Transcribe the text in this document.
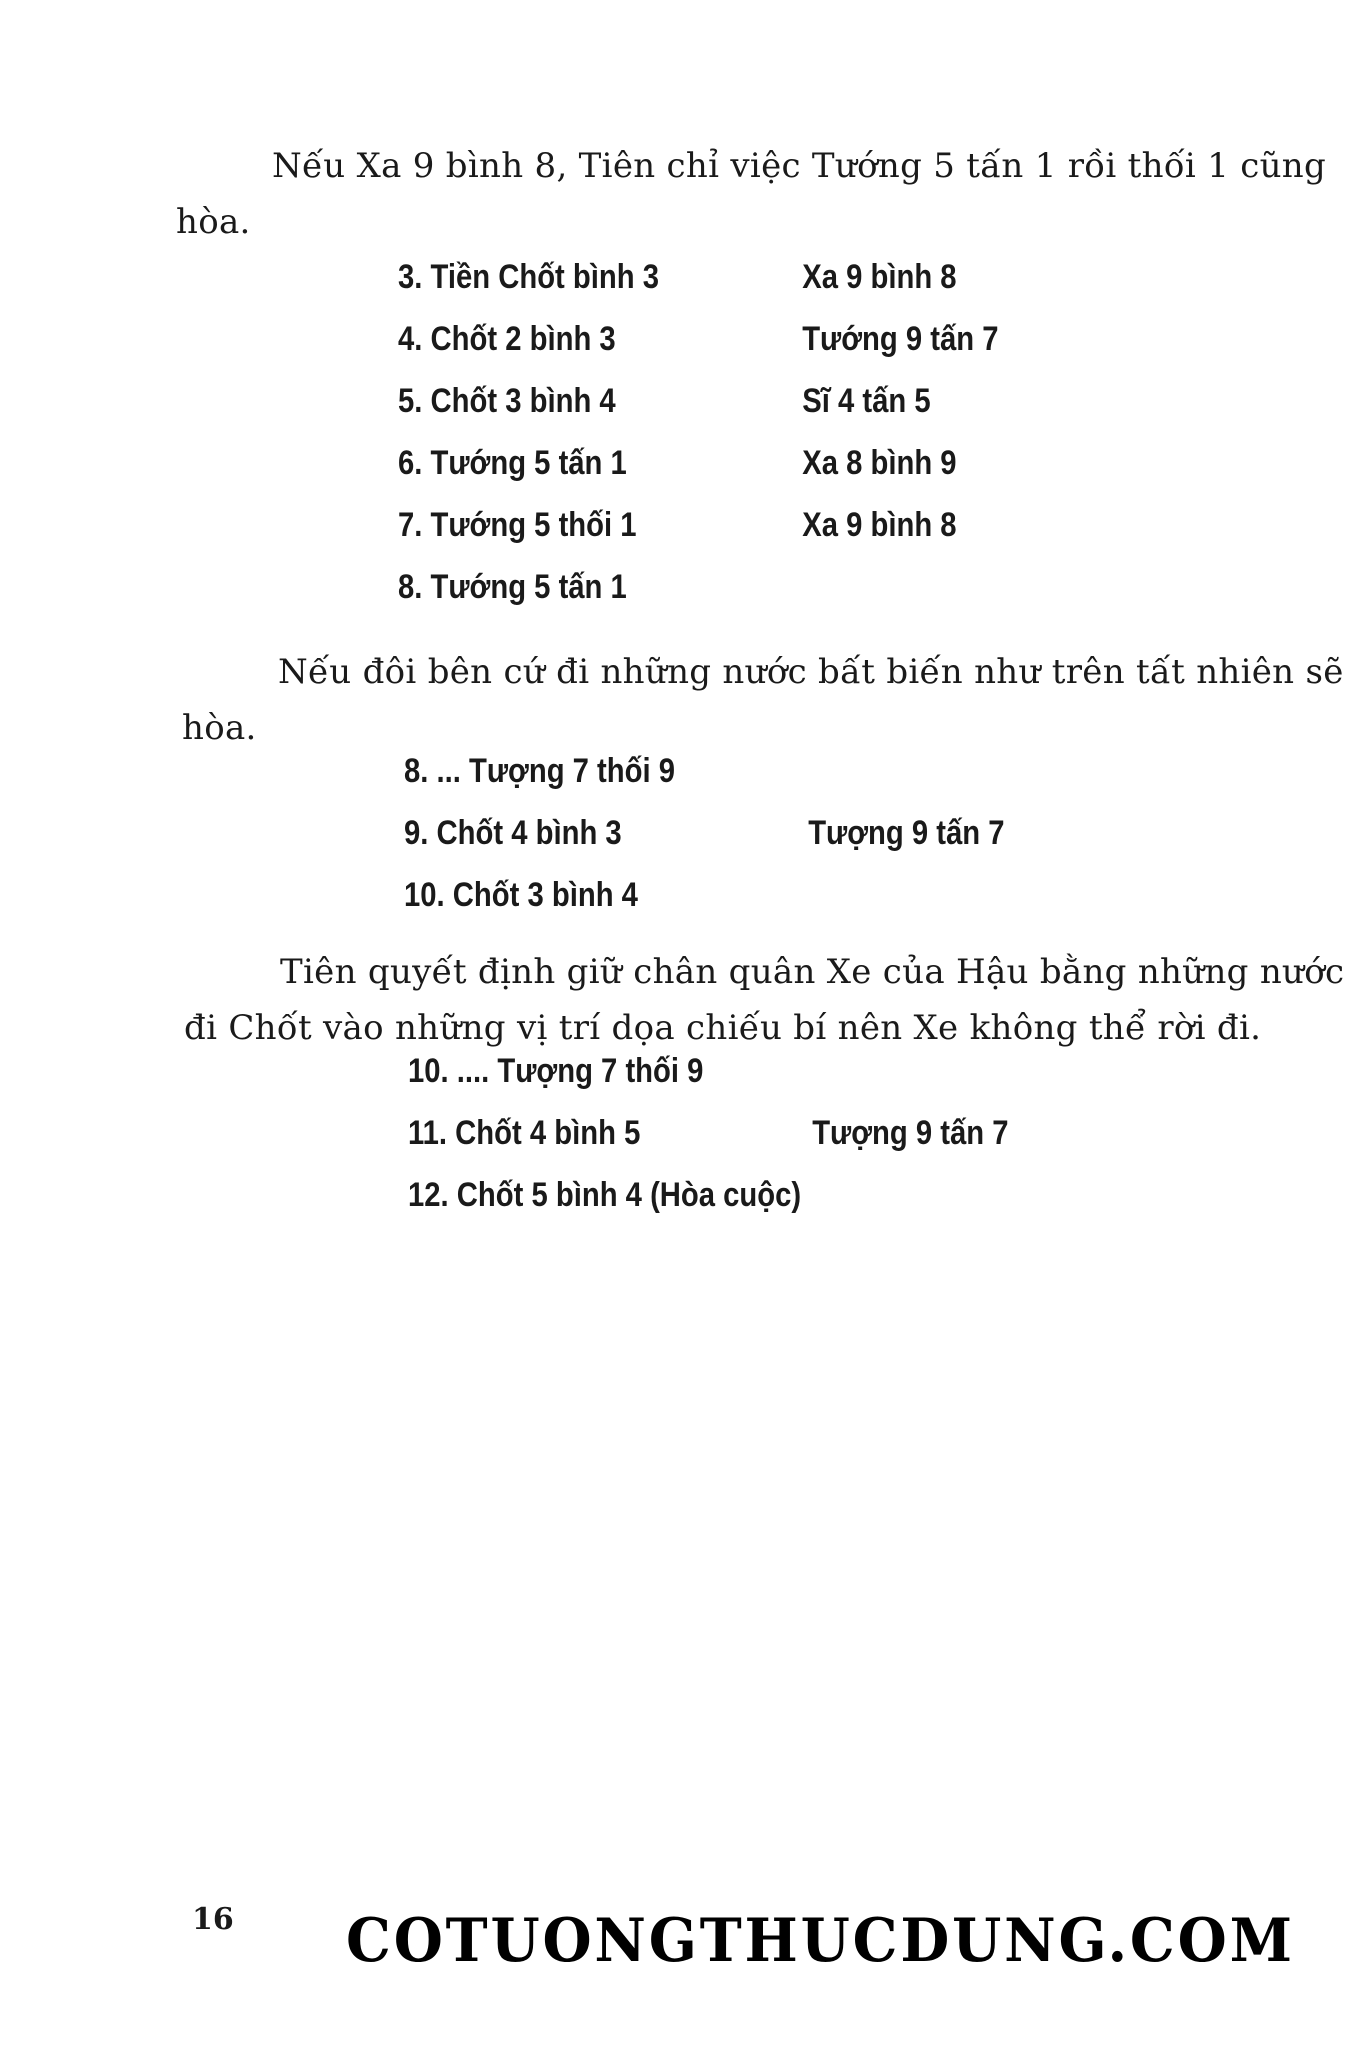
Nếu Xa 9 bình 8, Tiên chỉ việc Tướng 5 tấn 1 rồi thối 1 cũng
hòa.
3. Tiền Chốt bình 3	Xa 9 bình 8
4. Chốt 2 bình 3	Tướng 9 tấn 7
5. Chốt 3 bình 4	Sĩ 4 tấn 5
6. Tướng 5 tấn 1	Xa 8 bình 9
7. Tướng 5 thối 1	Xa 9 bình 8
8. Tướng 5 tấn 1
Nếu đôi bên cứ đi những nước bất biến như trên tất nhiên sẽ
hòa.
8. ... Tượng 7 thối 9
9. Chốt 4 bình 3	Tượng 9 tấn 7
10. Chốt 3 bình 4
Tiên quyết định giữ chân quân Xe của Hậu bằng những nước
đi Chốt vào những vị trí dọa chiếu bí nên Xe không thể rời đi.
10. .... Tượng 7 thối 9
11. Chốt 4 bình 5	Tượng 9 tấn 7
12. Chốt 5 bình 4 (Hòa cuộc)
16 COTUONGTHUCDUNG.COM
